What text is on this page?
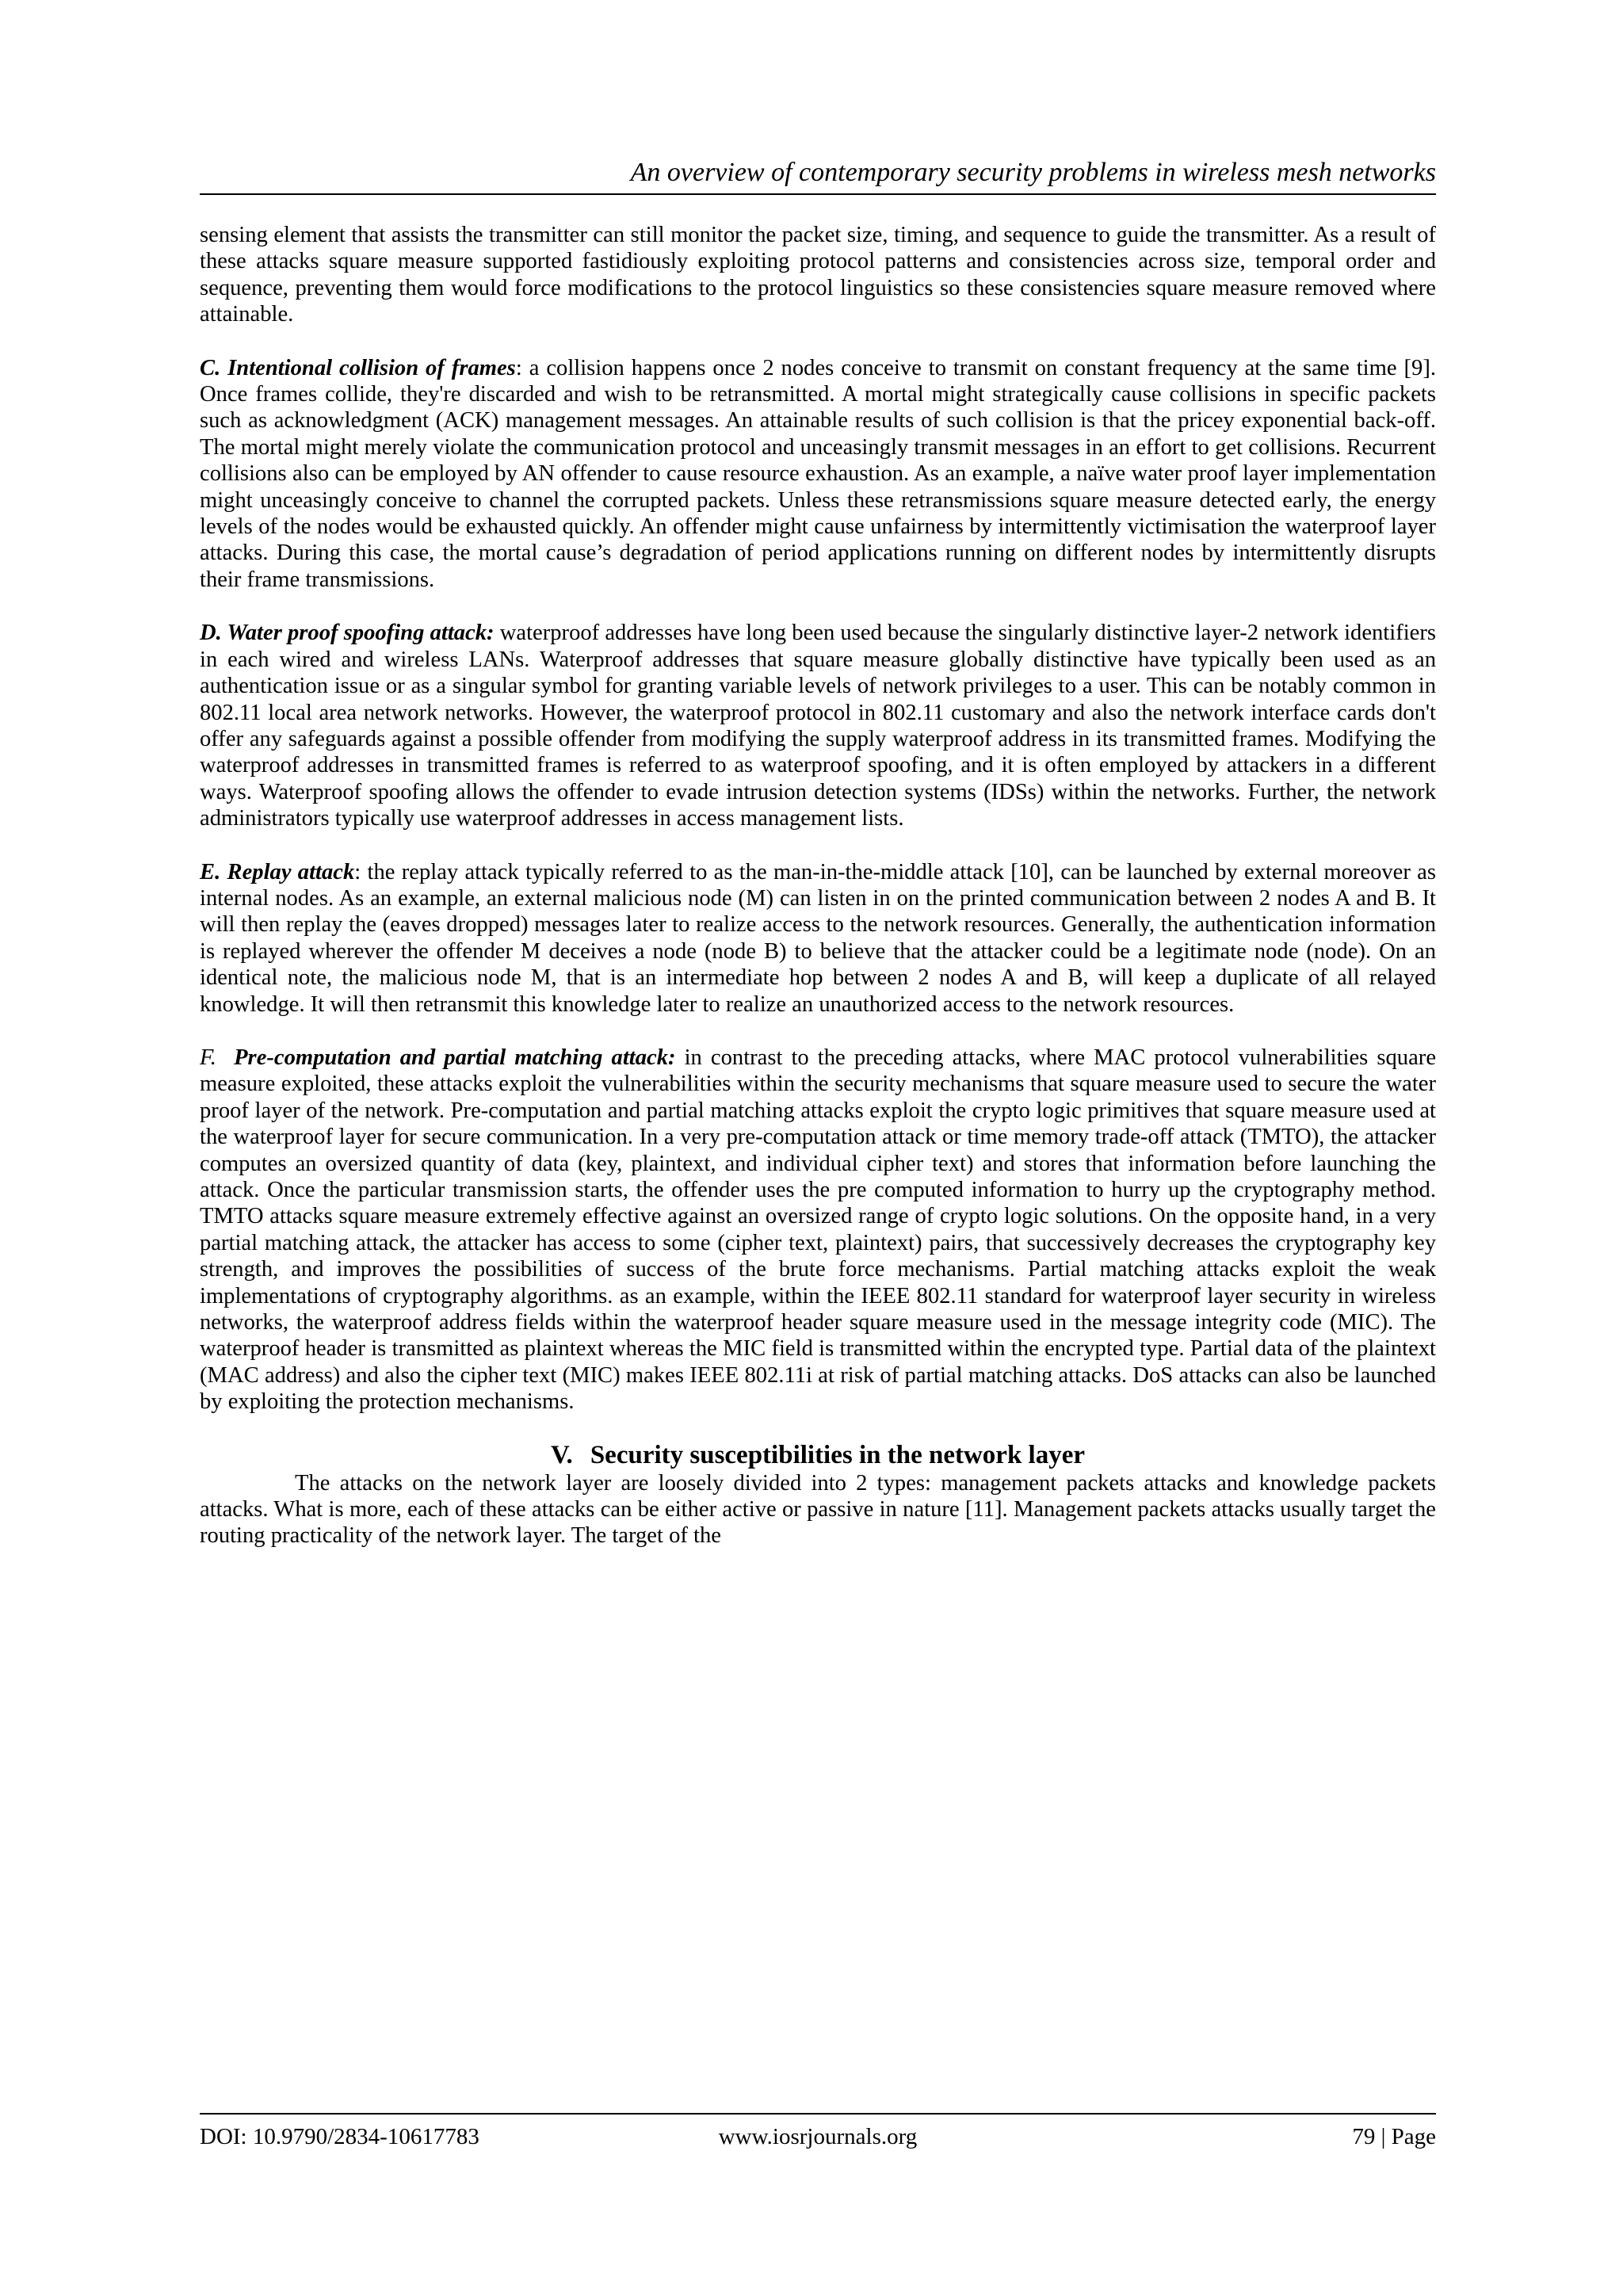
An overview of contemporary security problems in wireless mesh networks

sensing element that assists the transmitter can still monitor the packet size, timing, and sequence to guide the transmitter. As a result of these attacks square measure supported fastidiously exploiting protocol patterns and consistencies across size, temporal order and sequence, preventing them would force modifications to the protocol linguistics so these consistencies square measure removed where attainable.

C. Intentional collision of frames: a collision happens once 2 nodes conceive to transmit on constant frequency at the same time [9]. Once frames collide, they're discarded and wish to be retransmitted. A mortal might strategically cause collisions in specific packets such as acknowledgment (ACK) management messages. An attainable results of such collision is that the pricey exponential back-off. The mortal might merely violate the communication protocol and unceasingly transmit messages in an effort to get collisions. Recurrent collisions also can be employed by AN offender to cause resource exhaustion. As an example, a naïve water proof layer implementation might unceasingly conceive to channel the corrupted packets. Unless these retransmissions square measure detected early, the energy levels of the nodes would be exhausted quickly. An offender might cause unfairness by intermittently victimisation the waterproof layer attacks. During this case, the mortal cause’s degradation of period applications running on different nodes by intermittently disrupts their frame transmissions.

D. Water proof spoofing attack: waterproof addresses have long been used because the singularly distinctive layer-2 network identifiers in each wired and wireless LANs. Waterproof addresses that square measure globally distinctive have typically been used as an authentication issue or as a singular symbol for granting variable levels of network privileges to a user. This can be notably common in 802.11 local area network networks. However, the waterproof protocol in 802.11 customary and also the network interface cards don't offer any safeguards against a possible offender from modifying the supply waterproof address in its transmitted frames. Modifying the waterproof addresses in transmitted frames is referred to as waterproof spoofing, and it is often employed by attackers in a different ways. Waterproof spoofing allows the offender to evade intrusion detection systems (IDSs) within the networks. Further, the network administrators typically use waterproof addresses in access management lists.

E. Replay attack: the replay attack typically referred to as the man-in-the-middle attack [10], can be launched by external moreover as internal nodes. As an example, an external malicious node (M) can listen in on the printed communication between 2 nodes A and B. It will then replay the (eaves dropped) messages later to realize access to the network resources. Generally, the authentication information is replayed wherever the offender M deceives a node (node B) to believe that the attacker could be a legitimate node (node). On an identical note, the malicious node M, that is an intermediate hop between 2 nodes A and B, will keep a duplicate of all relayed knowledge. It will then retransmit this knowledge later to realize an unauthorized access to the network resources.

F. Pre-computation and partial matching attack: in contrast to the preceding attacks, where MAC protocol vulnerabilities square measure exploited, these attacks exploit the vulnerabilities within the security mechanisms that square measure used to secure the water proof layer of the network. Pre-computation and partial matching attacks exploit the crypto logic primitives that square measure used at the waterproof layer for secure communication. In a very pre-computation attack or time memory trade-off attack (TMTO), the attacker computes an oversized quantity of data (key, plaintext, and individual cipher text) and stores that information before launching the attack. Once the particular transmission starts, the offender uses the pre computed information to hurry up the cryptography method. TMTO attacks square measure extremely effective against an oversized range of crypto logic solutions. On the opposite hand, in a very partial matching attack, the attacker has access to some (cipher text, plaintext) pairs, that successively decreases the cryptography key strength, and improves the possibilities of success of the brute force mechanisms. Partial matching attacks exploit the weak implementations of cryptography algorithms. as an example, within the IEEE 802.11 standard for waterproof layer security in wireless networks, the waterproof address fields within the waterproof header square measure used in the message integrity code (MIC). The waterproof header is transmitted as plaintext whereas the MIC field is transmitted within the encrypted type. Partial data of the plaintext (MAC address) and also the cipher text (MIC) makes IEEE 802.11i at risk of partial matching attacks. DoS attacks can also be launched by exploiting the protection mechanisms.

V. Security susceptibilities in the network layer

The attacks on the network layer are loosely divided into 2 types: management packets attacks and knowledge packets attacks. What is more, each of these attacks can be either active or passive in nature [11]. Management packets attacks usually target the routing practicality of the network layer. The target of the

DOI: 10.9790/2834-10617783	www.iosrjournals.org	79 | Page
